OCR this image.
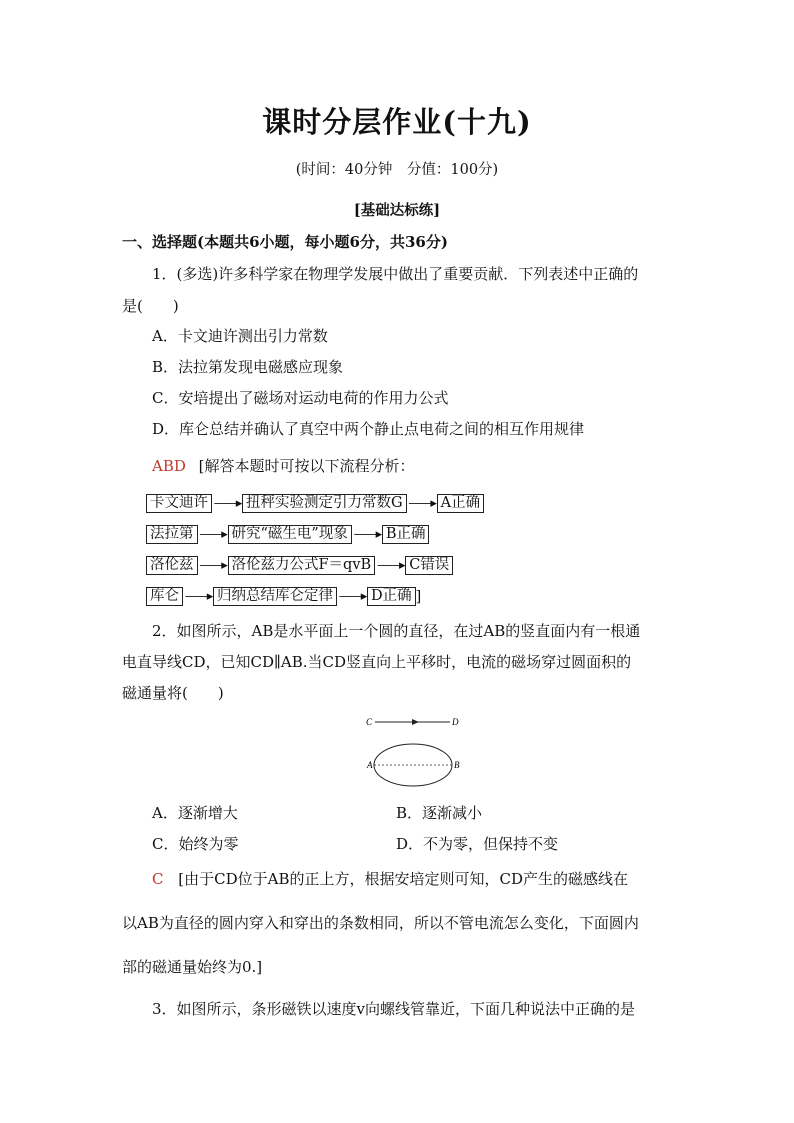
课时分层作业(十九)
(时间：40分钟　分值：100分)
[基础达标练]
一、选择题(本题共6小题，每小题6分，共36分)
1．(多选)许多科学家在物理学发展中做出了重要贡献．下列表述中正确的
是(　　)
A．卡文迪许测出引力常数
B．法拉第发现电磁感应现象
C．安培提出了磁场对运动电荷的作用力公式
D．库仑总结并确认了真空中两个静止点电荷之间的相互作用规律
ABD [解答本题时可按以下流程分析：
卡文迪许 ——▸ 扭秤实验测定引力常数G ——▸ A正确
法拉第 ——▸ 研究“磁生电”现象 ——▸ B正确
洛伦兹 ——▸ 洛伦兹力公式F＝qvB ——▸ C错误
库仑 ——▸ 归纳总结库仑定律 ——▸ D正确 ]
2．如图所示，AB是水平面上一个圆的直径，在过AB的竖直面内有一根通
电直导线CD，已知CD∥AB.当CD竖直向上平移时，电流的磁场穿过圆面积的
磁通量将(　　)
C	D
A	B
A．逐渐增大	B．逐渐减小
C．始终为零	D．不为零，但保持不变
C [由于CD位于AB的正上方，根据安培定则可知，CD产生的磁感线在
以AB为直径的圆内穿入和穿出的条数相同，所以不管电流怎么变化，下面圆内
部的磁通量始终为0.]
3．如图所示，条形磁铁以速度v向螺线管靠近，下面几种说法中正确的是
